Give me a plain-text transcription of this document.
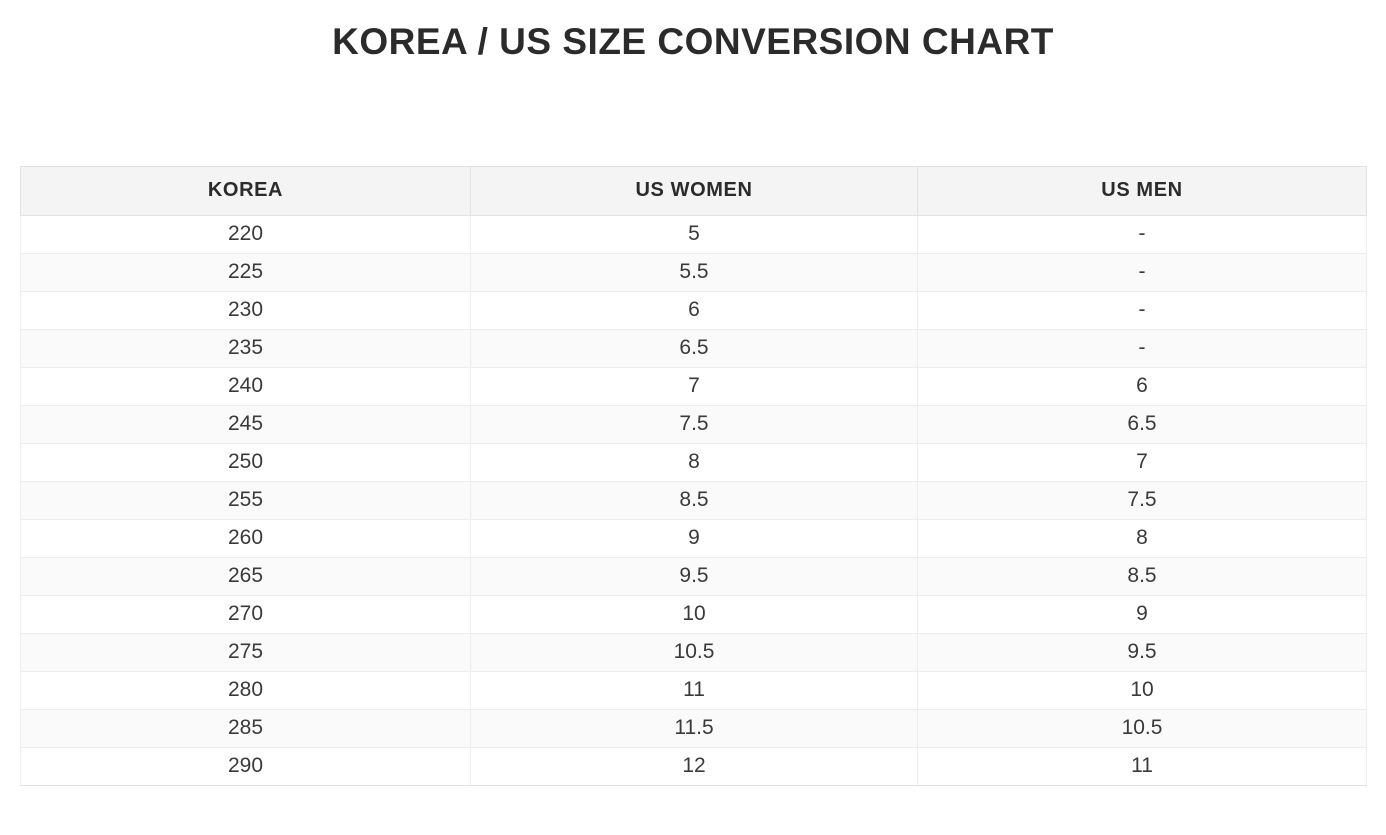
KOREA / US SIZE CONVERSION CHART
KOREA	US WOMEN	US MEN
220	5	-
225	5.5	-
230	6	-
235	6.5	-
240	7	6
245	7.5	6.5
250	8	7
255	8.5	7.5
260	9	8
265	9.5	8.5
270	10	9
275	10.5	9.5
280	11	10
285	11.5	10.5
290	12	11
